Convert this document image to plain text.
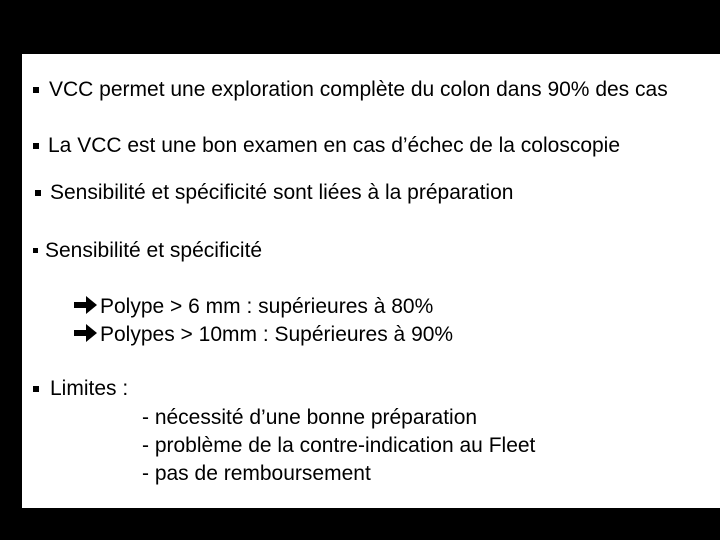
VCC permet une exploration complète du colon dans 90% des cas
La VCC est une bon examen en cas d’échec de la coloscopie
Sensibilité et spécificité sont liées à la préparation
Sensibilité et spécificité
Polype > 6 mm : supérieures à 80%
Polypes > 10mm : Supérieures à 90%
Limites :
- nécessité d’une bonne préparation
- problème de la contre-indication au Fleet
- pas de remboursement
